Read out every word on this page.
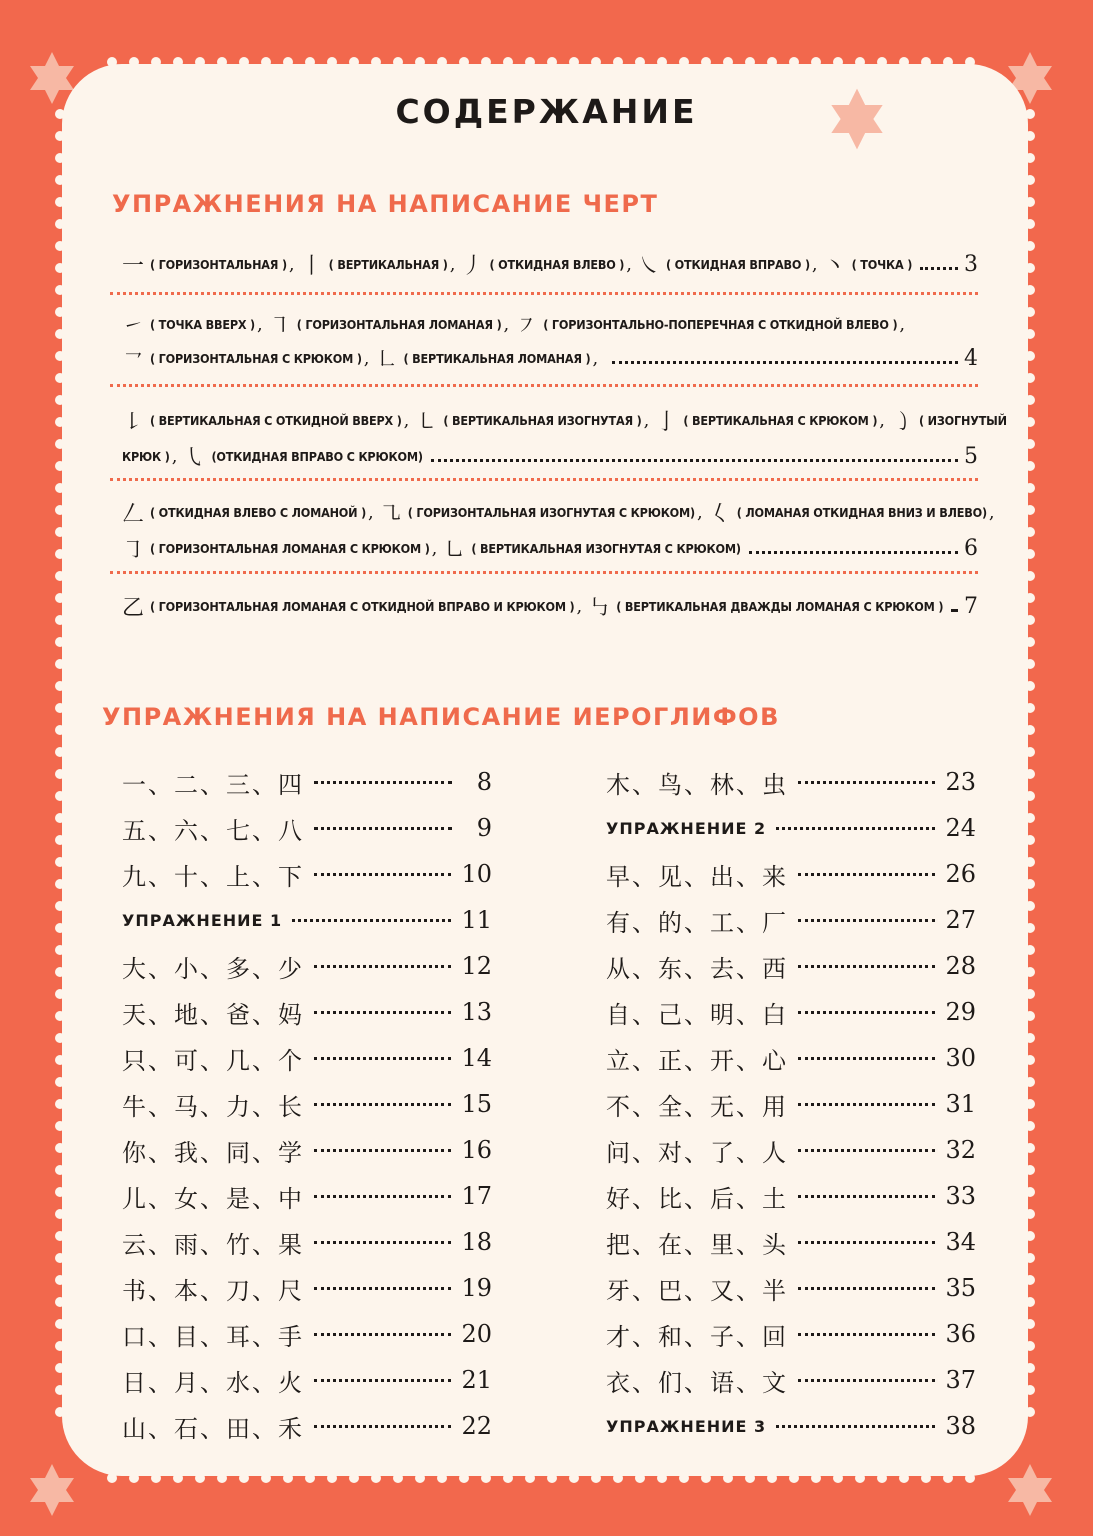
СОДЕРЖАНИЕ
УПРАЖНЕНИЯ НА НАПИСАНИЕ ЧЕРТ
一 ( ГОРИЗОНТАЛЬНАЯ ) , 丨 ( ВЕРТИКАЛЬНАЯ ) , 丿 ( ОТКИДНАЯ ВЛЕВО ) , ㇏ ( ОТКИДНАЯ ВПРАВО ) , 丶 ( ТОЧКА ) 3
㇀ ( ТОЧКА ВВЕРХ ) , ㇕ ( ГОРИЗОНТАЛЬНАЯ ЛОМАНАЯ ) , ㇇ ( ГОРИЗОНТАЛЬНО-ПОПЕРЕЧНАЯ С ОТКИДНОЙ ВЛЕВО ) ,
㇖ ( ГОРИЗОНТАЛЬНАЯ С КРЮКОМ ) , ㇗ ( ВЕРТИКАЛЬНАЯ ЛОМАНАЯ ) ,	4
㇙ ( ВЕРТИКАЛЬНАЯ С ОТКИДНОЙ ВВЕРХ ) , ㇄ ( ВЕРТИКАЛЬНАЯ ИЗОГНУТАЯ ) , 亅 ( ВЕРТИКАЛЬНАЯ С КРЮКОМ ) , ㇁ ( ИЗОГНУТЫЙ
КРЮК ) , ㇂ (ОТКИДНАЯ ВПРАВО С КРЮКОМ)	5
𠃋 ( ОТКИДНАЯ ВЛЕВО С ЛОМАНОЙ ) , ㇈ ( ГОРИЗОНТАЛЬНАЯ ИЗОГНУТАЯ С КРЮКОМ) , 𡿨 ( ЛОМАНАЯ ОТКИДНАЯ ВНИЗ И ВЛЕВО) ,
㇆ ( ГОРИЗОНТАЛЬНАЯ ЛОМАНАЯ С КРЮКОМ ) , ㇟ ( ВЕРТИКАЛЬНАЯ ИЗОГНУТАЯ С КРЮКОМ)	6
乙 ( ГОРИЗОНТАЛЬНАЯ ЛОМАНАЯ С ОТКИДНОЙ ВПРАВО И КРЮКОМ ) , ㇉ ( ВЕРТИКАЛЬНАЯ ДВАЖДЫ ЛОМАНАЯ С КРЮКОМ ) 7
УПРАЖНЕНИЯ НА НАПИСАНИЕ ИЕРОГЛИФОВ
一、二、三、四	8
五、六、七、八	9
九、十、上、下	10
УПРАЖНЕНИЕ 1	11
大、小、多、少	12
天、地、爸、妈	13
只、可、几、个	14
牛、马、力、长	15
你、我、同、学	16
儿、女、是、中	17
云、雨、竹、果	18
书、本、刀、尺	19
口、目、耳、手	20
日、月、水、火	21
山、石、田、禾	22
木、鸟、林、虫	23
УПРАЖНЕНИЕ 2	24
早、见、出、来	26
有、的、工、厂	27
从、东、去、西	28
自、己、明、白	29
立、正、开、心	30
不、全、无、用	31
问、对、了、人	32
好、比、后、土	33
把、在、里、头	34
牙、巴、又、半	35
才、和、子、回	36
衣、们、语、文	37
УПРАЖНЕНИЕ 3	38
